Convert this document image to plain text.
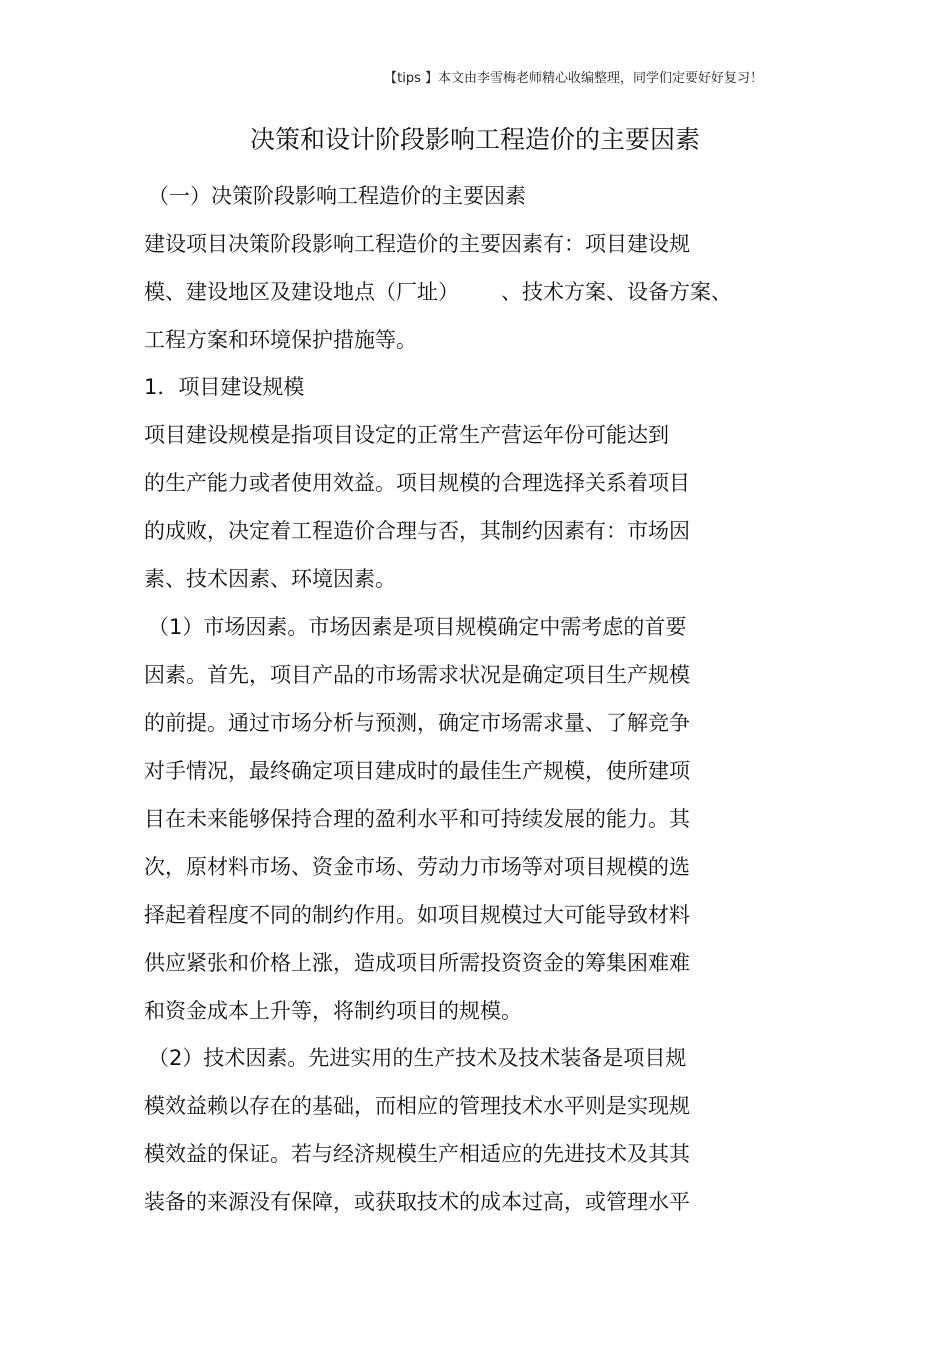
【tips 】本文由李雪梅老师精心收编整理，同学们定要好好复习！
决策和设计阶段影响工程造价的主要因素
（一）决策阶段影响工程造价的主要因素
建设项目决策阶段影响工程造价的主要因素有：项目建设规
模、建设地区及建设地点（厂址） 、技术方案、设备方案、
工程方案和环境保护措施等。
1．项目建设规模
项目建设规模是指项目设定的正常生产营运年份可能达到
的生产能力或者使用效益。项目规模的合理选择关系着项目
的成败，决定着工程造价合理与否，其制约因素有：市场因
素、技术因素、环境因素。
（1）市场因素。市场因素是项目规模确定中需考虑的首要
因素。首先，项目产品的市场需求状况是确定项目生产规模
的前提。通过市场分析与预测，确定市场需求量、了解竞争
对手情况，最终确定项目建成时的最佳生产规模，使所建项
目在未来能够保持合理的盈利水平和可持续发展的能力。其
次，原材料市场、资金市场、劳动力市场等对项目规模的选
择起着程度不同的制约作用。如项目规模过大可能导致材料
供应紧张和价格上涨，造成项目所需投资资金的筹集困难难
和资金成本上升等，将制约项目的规模。
（2）技术因素。先进实用的生产技术及技术装备是项目规
模效益赖以存在的基础，而相应的管理技术水平则是实现规
模效益的保证。若与经济规模生产相适应的先进技术及其其
装备的来源没有保障，或获取技术的成本过高，或管理水平
